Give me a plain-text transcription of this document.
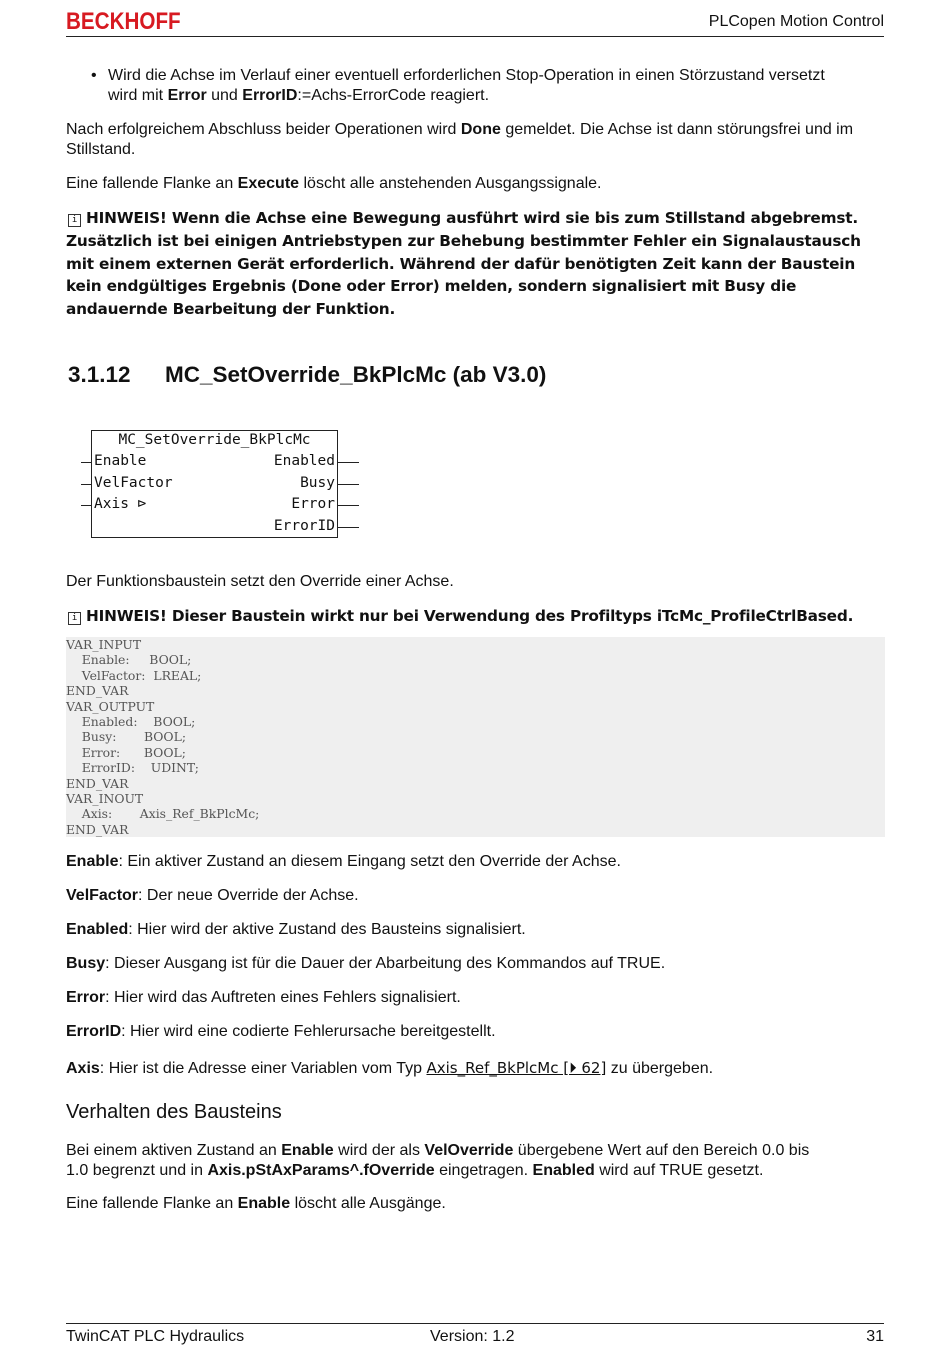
BECKHOFF	PLCopen Motion Control
• Wird die Achse im Verlauf einer eventuell erforderlichen Stop-Operation in einen Störzustand versetzt
wird mit Error und ErrorID:=Achs-ErrorCode reagiert.
Nach erfolgreichem Abschluss beider Operationen wird Done gemeldet. Die Achse ist dann störungsfrei und im Stillstand.
Eine fallende Flanke an Execute löscht alle anstehenden Ausgangssignale.
i HINWEIS! Wenn die Achse eine Bewegung ausführt wird sie bis zum Stillstand abgebremst. Zusätzlich ist bei einigen Antriebstypen zur Behebung bestimmter Fehler ein Signalaustausch mit einem externen Gerät erforderlich. Während der dafür benötigten Zeit kann der Baustein kein endgültiges Ergebnis (Done oder Error) melden, sondern signalisiert mit Busy die andauernde Bearbeitung der Funktion.
3.1.12 MC_SetOverride_BkPlcMc (ab V3.0)
MC_SetOverride_BkPlcMc
Enable
VelFactor
Axis ⊳
Enabled
Busy
Error
ErrorID
Der Funktionsbaustein setzt den Override einer Achse.
i HINWEIS! Dieser Baustein wirkt nur bei Verwendung des Profiltyps iTcMc_ProfileCtrlBased.
VAR_INPUT
Enable:     BOOL;
VelFactor:  LREAL;
END_VAR
VAR_OUTPUT
Enabled:    BOOL;
Busy:       BOOL;
Error:      BOOL;
ErrorID:    UDINT;
END_VAR
VAR_INOUT
Axis:       Axis_Ref_BkPlcMc;
END_VAR
Enable: Ein aktiver Zustand an diesem Eingang setzt den Override der Achse.
VelFactor: Der neue Override der Achse.
Enabled: Hier wird der aktive Zustand des Bausteins signalisiert.
Busy: Dieser Ausgang ist für die Dauer der Abarbeitung des Kommandos auf TRUE.
Error: Hier wird das Auftreten eines Fehlers signalisiert.
ErrorID: Hier wird eine codierte Fehlerursache bereitgestellt.
Axis: Hier ist die Adresse einer Variablen vom Typ Axis_Ref_BkPlcMc [⏵ 62] zu übergeben.
Verhalten des Bausteins
Bei einem aktiven Zustand an Enable wird der als VelOverride übergebene Wert auf den Bereich 0.0 bis
1.0 begrenzt und in Axis.pStAxParams^.fOverride eingetragen. Enabled wird auf TRUE gesetzt.
Eine fallende Flanke an Enable löscht alle Ausgänge.
TwinCAT PLC Hydraulics	Version: 1.2	31
